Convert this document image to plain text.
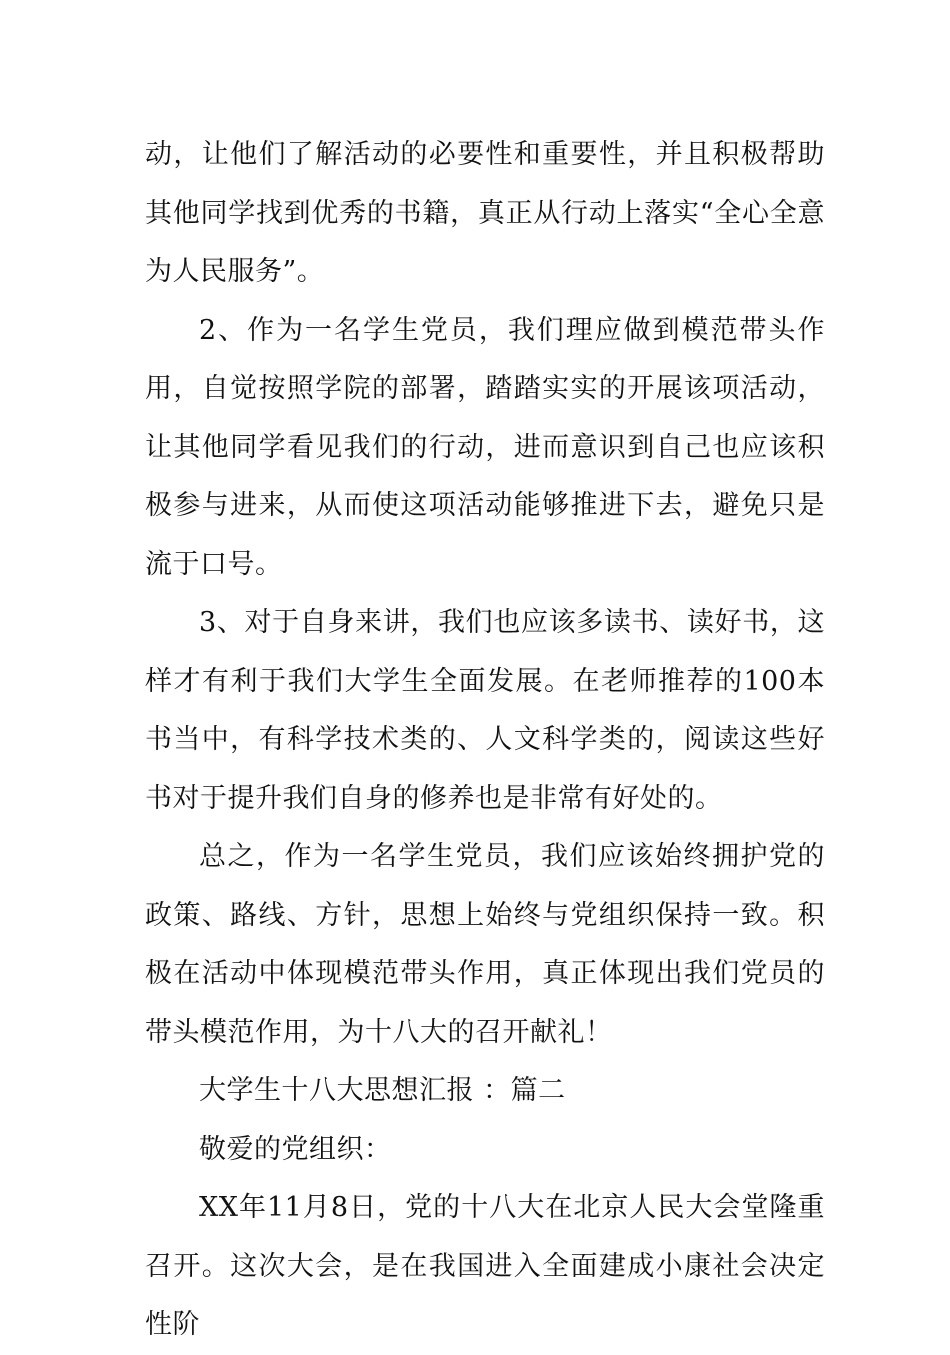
动，让他们了解活动的必要性和重要性，并且积极帮助其他同学找到优秀的书籍，真正从行动上落实“全心全意为人民服务”。

2、作为一名学生党员，我们理应做到模范带头作用，自觉按照学院的部署，踏踏实实的开展该项活动，让其他同学看见我们的行动，进而意识到自己也应该积极参与进来，从而使这项活动能够推进下去，避免只是流于口号。

3、对于自身来讲，我们也应该多读书、读好书，这样才有利于我们大学生全面发展。在老师推荐的100本书当中，有科学技术类的、人文科学类的，阅读这些好书对于提升我们自身的修养也是非常有好处的。

总之，作为一名学生党员，我们应该始终拥护党的政策、路线、方针，思想上始终与党组织保持一致。积极在活动中体现模范带头作用，真正体现出我们党员的带头模范作用，为十八大的召开献礼！

大学生十八大思想汇报 ：篇二

敬爱的党组织：

XX年11月8日，党的十八大在北京人民大会堂隆重召开。这次大会，是在我国进入全面建成小康社会决定性阶
